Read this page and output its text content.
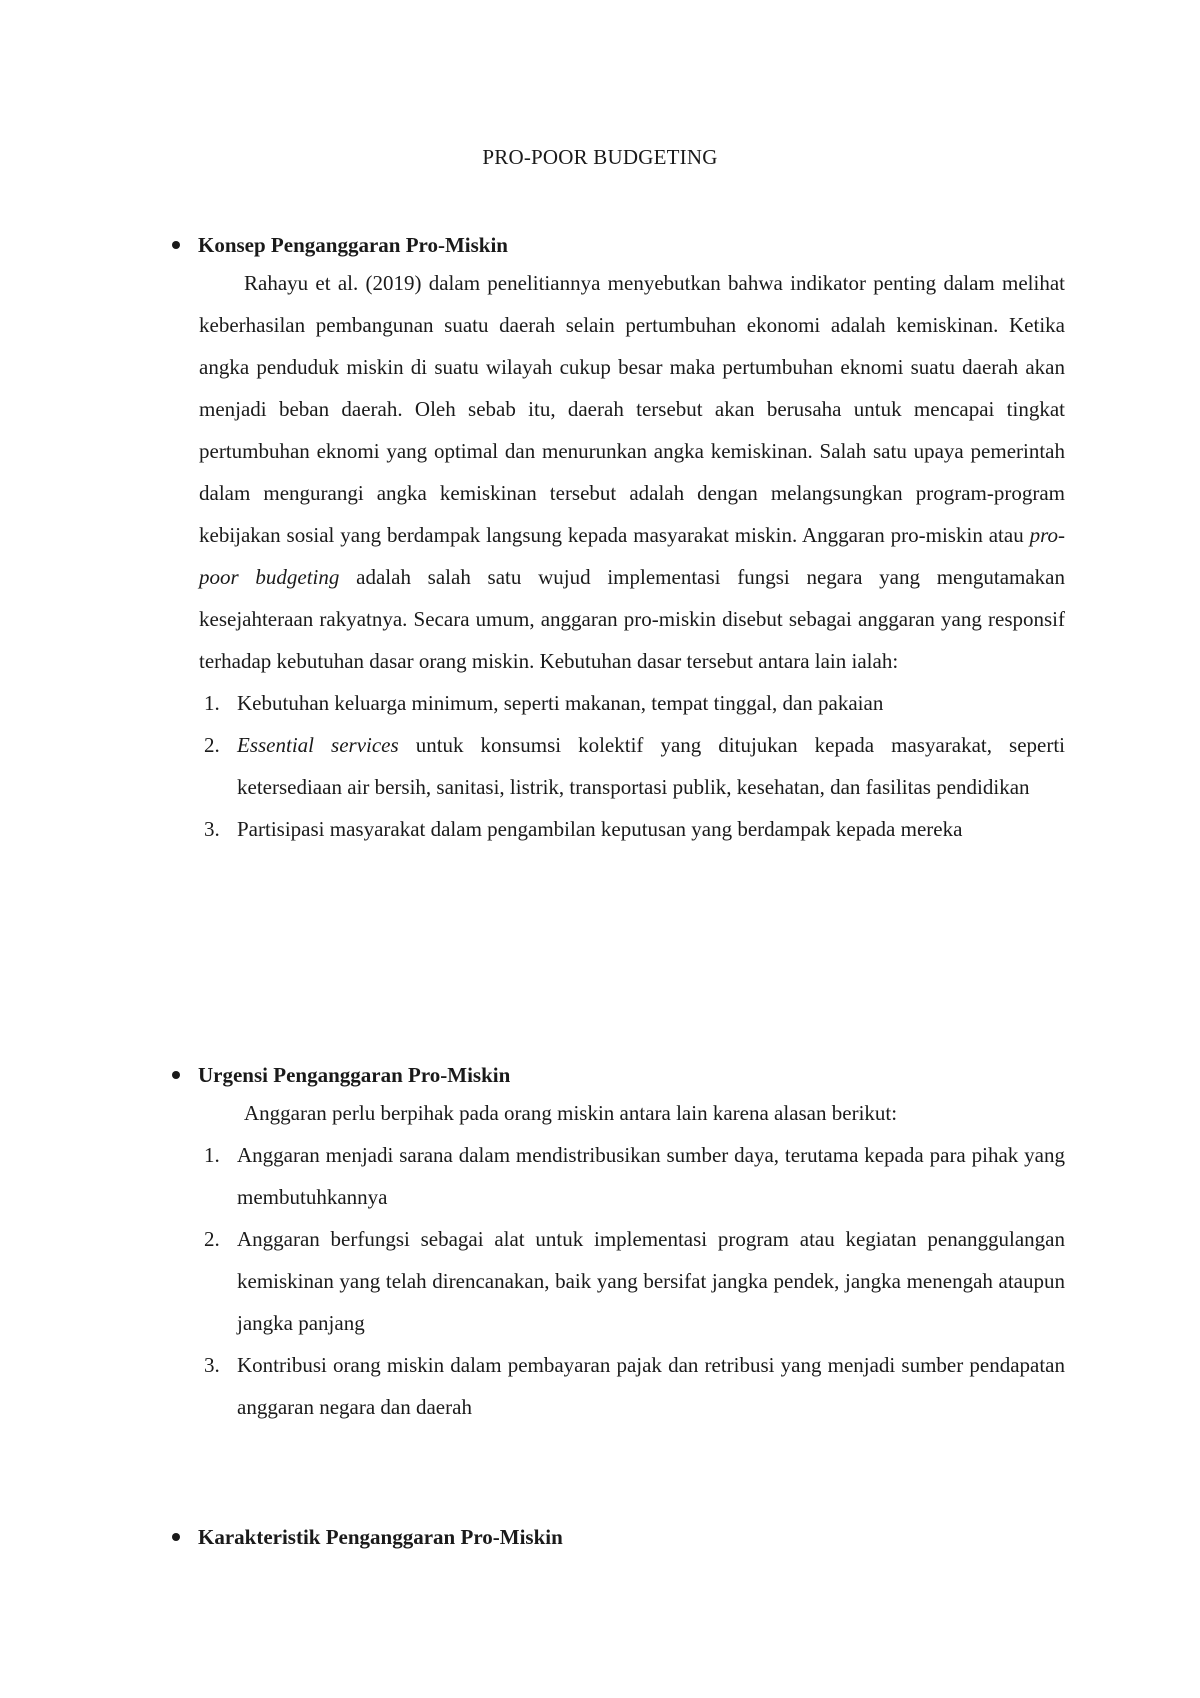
PRO-POOR BUDGETING
Konsep Penganggaran Pro-Miskin

Rahayu et al. (2019) dalam penelitiannya menyebutkan bahwa indikator penting dalam melihat keberhasilan pembangunan suatu daerah selain pertumbuhan ekonomi adalah kemiskinan. Ketika angka penduduk miskin di suatu wilayah cukup besar maka pertumbuhan eknomi suatu daerah akan menjadi beban daerah. Oleh sebab itu, daerah tersebut akan berusaha untuk mencapai tingkat pertumbuhan eknomi yang optimal dan menurunkan angka kemiskinan. Salah satu upaya pemerintah dalam mengurangi angka kemiskinan tersebut adalah dengan melangsungkan program-program kebijakan sosial yang berdampak langsung kepada masyarakat miskin. Anggaran pro-miskin atau pro-poor budgeting adalah salah satu wujud implementasi fungsi negara yang mengutamakan kesejahteraan rakyatnya. Secara umum, anggaran pro-miskin disebut sebagai anggaran yang responsif terhadap kebutuhan dasar orang miskin. Kebutuhan dasar tersebut antara lain ialah:

1. Kebutuhan keluarga minimum, seperti makanan, tempat tinggal, dan pakaian
2. Essential services untuk konsumsi kolektif yang ditujukan kepada masyarakat, seperti ketersediaan air bersih, sanitasi, listrik, transportasi publik, kesehatan, dan fasilitas pendidikan
3. Partisipasi masyarakat dalam pengambilan keputusan yang berdampak kepada mereka
Urgensi Penganggaran Pro-Miskin
Anggaran perlu berpihak pada orang miskin antara lain karena alasan berikut:
1. Anggaran menjadi sarana dalam mendistribusikan sumber daya, terutama kepada para pihak yang membutuhkannya
2. Anggaran berfungsi sebagai alat untuk implementasi program atau kegiatan penanggulangan kemiskinan yang telah direncanakan, baik yang bersifat jangka pendek, jangka menengah ataupun jangka panjang
3. Kontribusi orang miskin dalam pembayaran pajak dan retribusi yang menjadi sumber pendapatan anggaran negara dan daerah
Karakteristik Penganggaran Pro-Miskin
